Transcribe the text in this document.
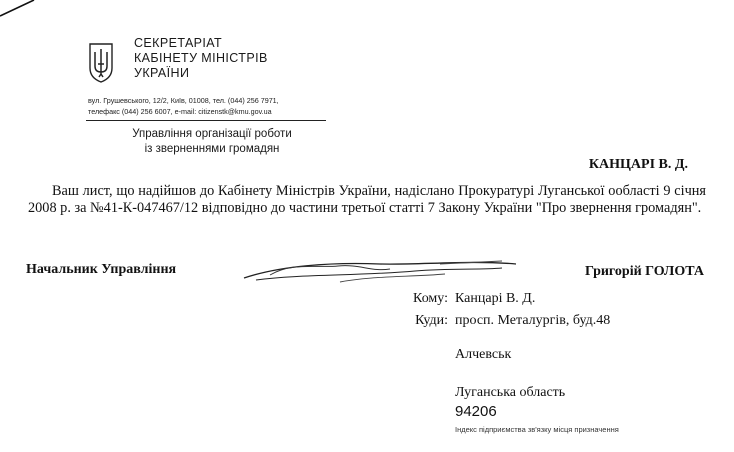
СЕКРЕТАРІАТ
КАБІНЕТУ МІНІСТРІВ
УКРАЇНИ
вул. Грушевського, 12/2, Київ, 01008, тел. (044) 256 7971,
телефакс (044) 256 6007, e-mail: citizenstk@kmu.gov.ua
Управління організації роботи
із зверненнями громадян
КАНЦАРІ В. Д.
Ваш лист, що надійшов до Кабінету Міністрів України, надіслано Прокуратурі Луганської ообласті 9 січня 2008 р. за №41-К-047467/12 відповідно до частини третьої статті 7 Закону України "Про звернення громадян".
Начальник Управління	Григорій ГОЛОТА
Кому: Канцарі В. Д.
Куди: просп. Металургів, буд.48
Алчевськ
Луганська область
94206
Індекс підприємства зв'язку місця призначення
